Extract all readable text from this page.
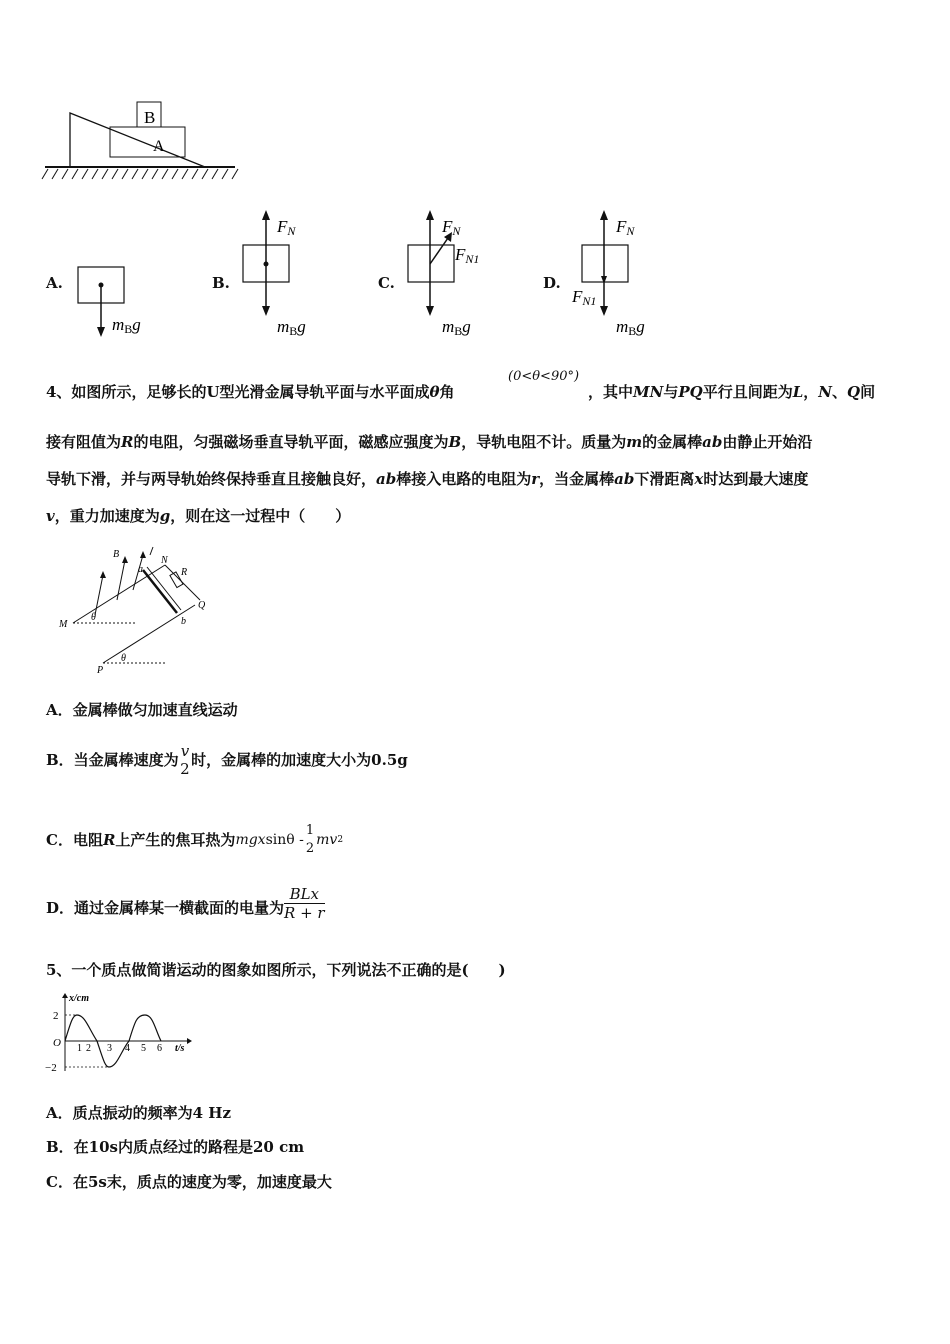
B
A
A.
mBg
B.
FN
mBg
C.
FN
FN1
mBg
D.
FN
FN1
mBg
(0<θ<90°)
4、如图所示，足够长的U型光滑金属导轨平面与水平面成θ角	，其中MN与PQ平行且间距为L，N、Q间
接有阻值为R的电阻，匀强磁场垂直导轨平面，磁感应强度为B，导轨电阻不计。质量为m的金属棒ab由静止开始沿
导轨下滑，并与两导轨始终保持垂直且接触良好，ab棒接入电路的电阻为r，当金属棒ab下滑距离x时达到最大速度
v，重力加速度为g，则在这一过程中（　　）
B
N
a	R
Q
M
θ	b
P
θ
A．金属棒做匀加速直线运动
B．当金属棒速度为 v
2 时，金属棒的加速度大小为0.5g
C．电阻 R 上产生的焦耳热为 mgxsinθ -
1
2
mv 2
D．通过金属棒某一横截面的电量为 $\frac{\text{BLx}}{R + r}$
5、一个质点做简谐运动的图象如图所示，下列说法不正确的是(　　)
x/cm
t/s
O
2
−2
1 2 3 4 5 6
A．质点振动的频率为4 Hz
B．在10s内质点经过的路程是20 cm
C．在5s末，质点的速度为零，加速度最大
